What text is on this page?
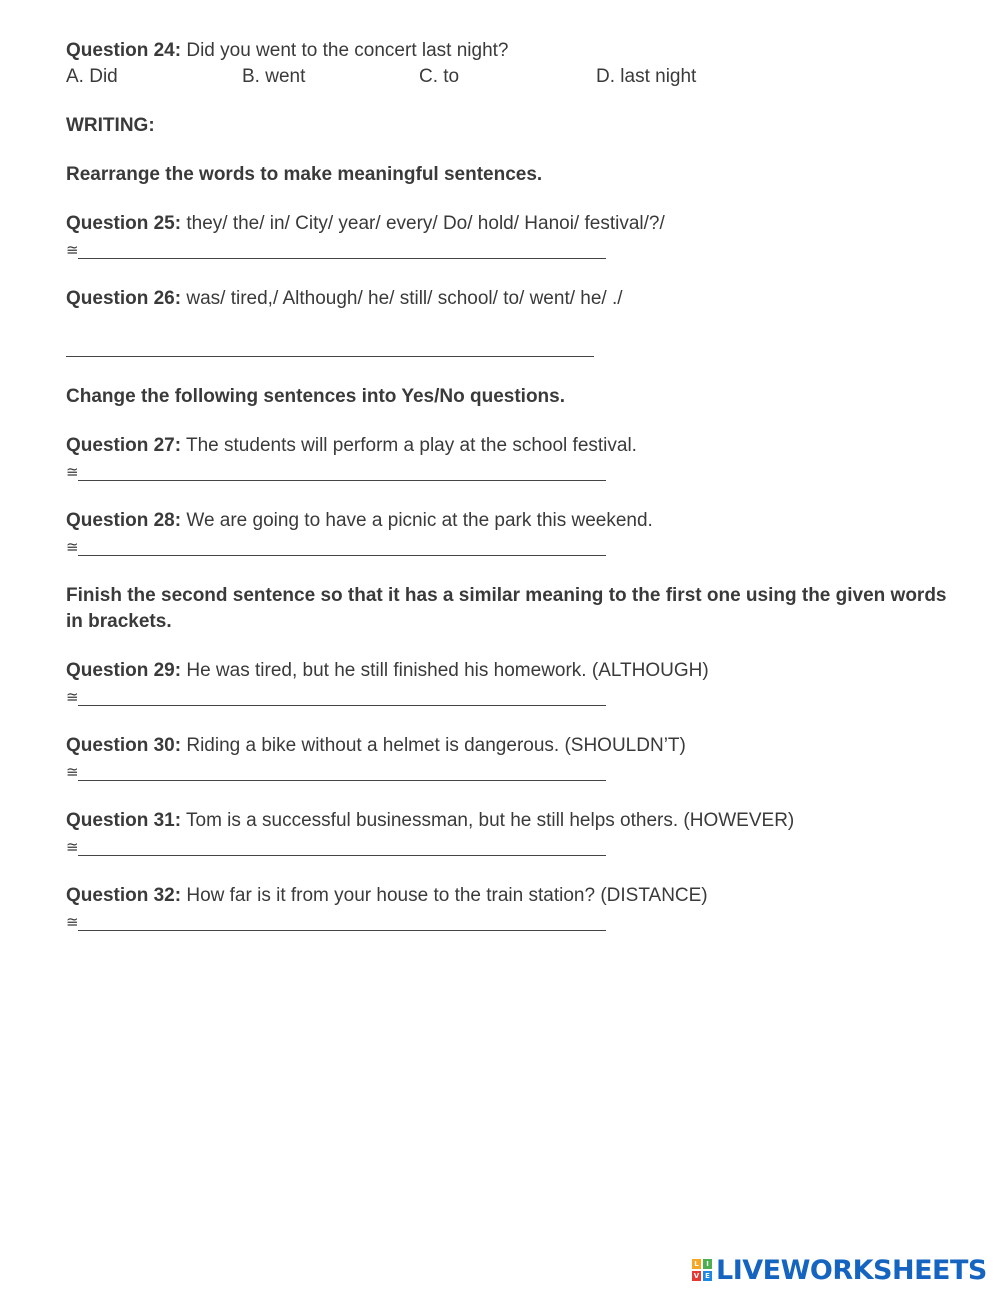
Question 24: Did you went to the concert last night?
A. Did	B. went	C. to	D. last night
WRITING:
Rearrange the words to make meaningful sentences.
Question 25: they/ the/ in/ City/ year/ every/ Do/ hold/ Hanoi/ festival/?/
≅
Question 26: was/ tired,/ Although/ he/ still/ school/ to/ went/ he/ ./
Change the following sentences into Yes/No questions.
Question 27: The students will perform a play at the school festival.
≅
Question 28: We are going to have a picnic at the park this weekend.
≅
Finish the second sentence so that it has a similar meaning to the first one using the given words in brackets.
Question 29: He was tired, but he still finished his homework. (ALTHOUGH)
≅
Question 30: Riding a bike without a helmet is dangerous. (SHOULDN’T)
≅
Question 31: Tom is a successful businessman, but he still helps others. (HOWEVER)
≅
Question 32: How far is it from your house to the train station? (DISTANCE)
≅
L	I
V E LIVEWORKSHEETS
